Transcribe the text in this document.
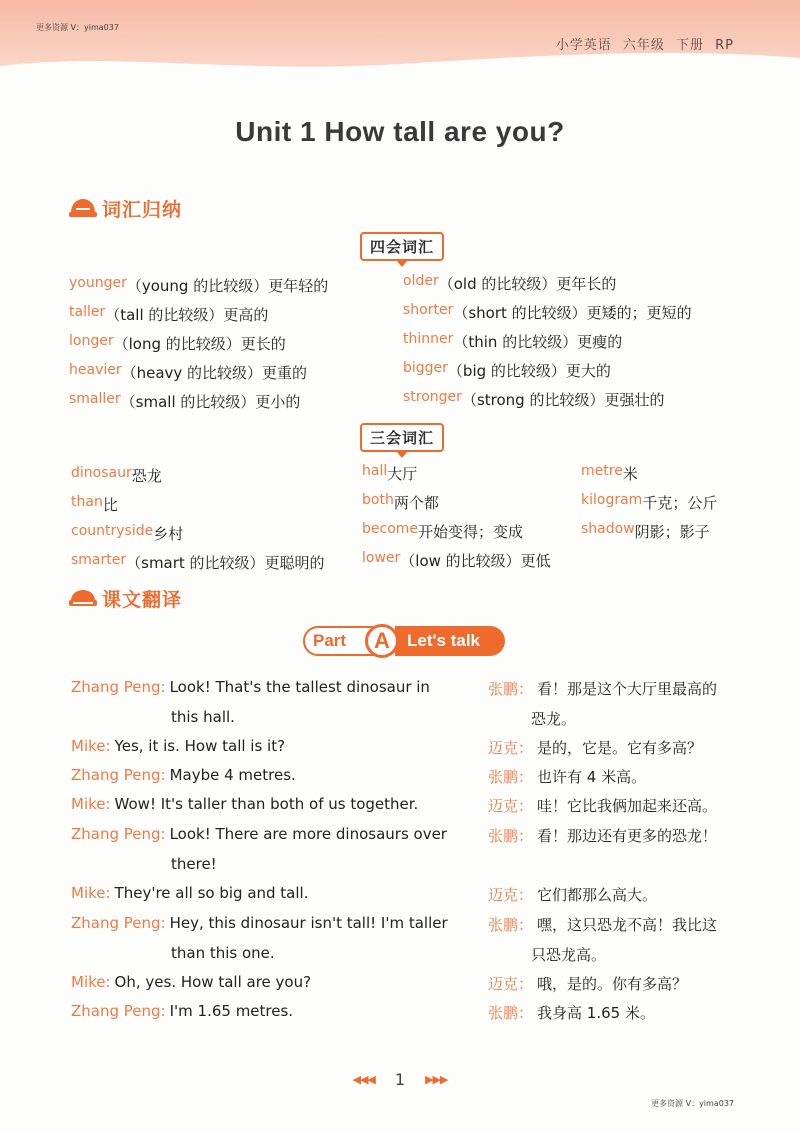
更多资源 V：yima037
小学英语 六年级 下册 RP
Unit 1 How tall are you?
词汇归纳
四会词汇
younger （young 的比较级）更年轻的
taller （tall 的比较级）更高的
longer （long 的比较级）更长的
heavier （heavy 的比较级）更重的
smaller （small 的比较级）更小的
older （old 的比较级）更年长的
shorter （short 的比较级）更矮的；更短的
thinner （thin 的比较级）更瘦的
bigger （big 的比较级）更大的
stronger （strong 的比较级）更强壮的
三会词汇
dinosaur 恐龙
than 比
countryside 乡村
smarter （smart 的比较级）更聪明的
hall 大厅
both 两个都
become 开始变得；变成
lower （low 的比较级）更低
metre 米
kilogram 千克；公斤
shadow 阴影；影子
课文翻译
Part	Let's talk
A
Zhang Peng: Look! That's the tallest dinosaur in
this hall.
Mike: Yes, it is. How tall is it?
Zhang Peng: Maybe 4 metres.
Mike: Wow! It's taller than both of us together.
Zhang Peng: Look! There are more dinosaurs over
there!
Mike: They're all so big and tall.
Zhang Peng: Hey, this dinosaur isn't tall! I'm taller
than this one.
Mike: Oh, yes. How tall are you?
Zhang Peng: I'm 1.65 metres.
张鹏： 看！那是这个大厅里最高的
恐龙。
迈克： 是的，它是。它有多高？
张鹏： 也许有 4 米高。
迈克： 哇！它比我俩加起来还高。
张鹏： 看！那边还有更多的恐龙！
迈克： 它们都那么高大。
张鹏： 嘿，这只恐龙不高！我比这
只恐龙高。
迈克： 哦，是的。你有多高？
张鹏： 我身高 1.65 米。
◀◀◀ 1 ▶▶▶
更多资源 V：yima037
